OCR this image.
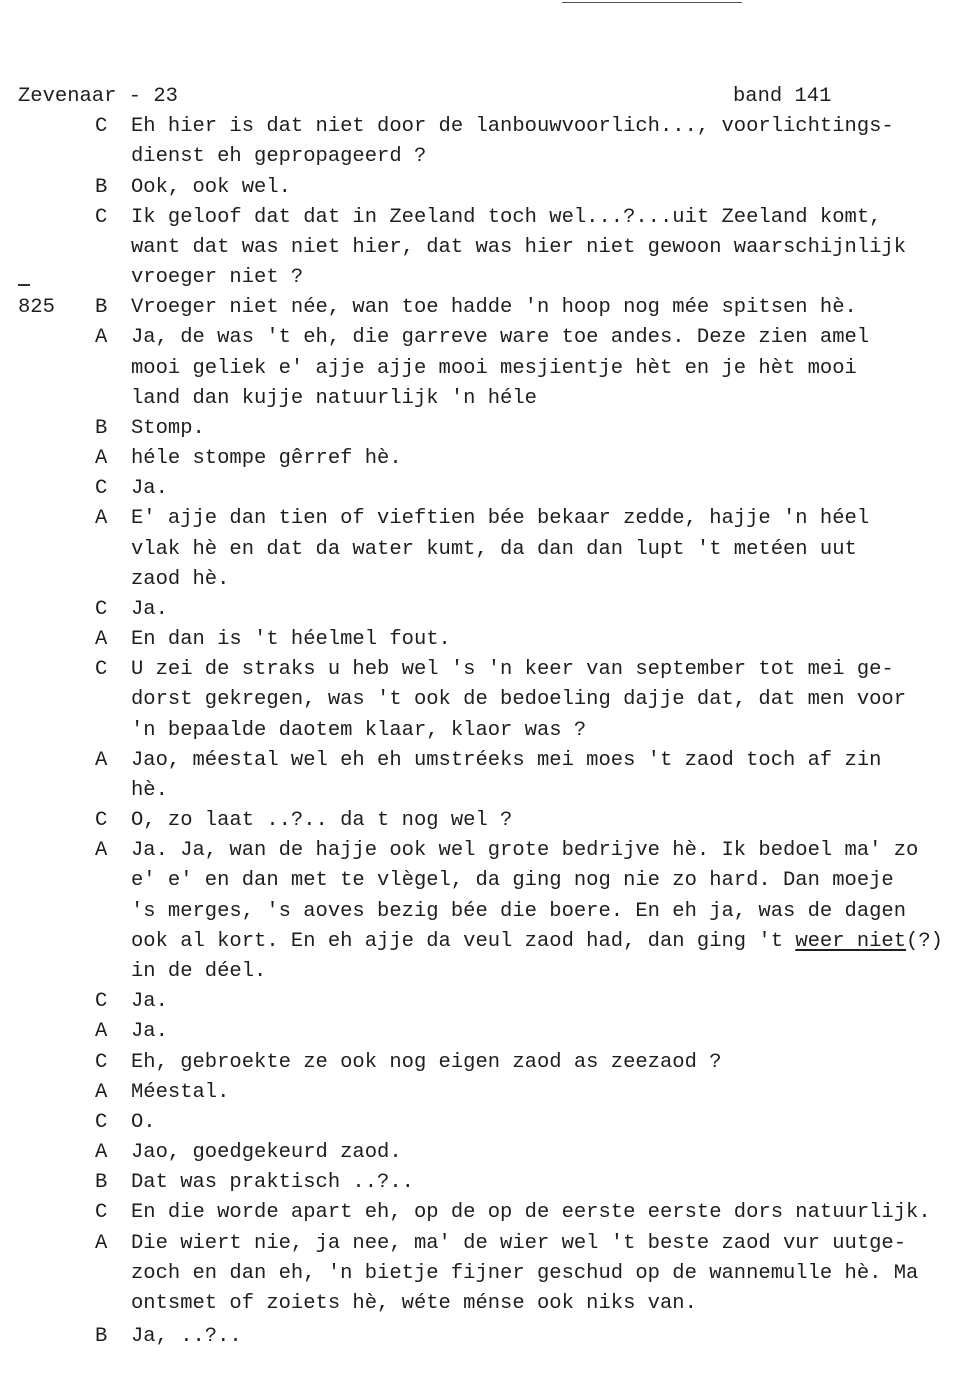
Zevenaar - 23

	band 141

C Eh hier is dat niet door de lanbouwvoorlich..., voorlichtings-
dienst eh gepropageerd ?
B Ook, ook wel.
C Ik geloof dat dat in Zeeland toch wel...?...uit Zeeland komt,
want dat was niet hier, dat was hier niet gewoon waarschijnlijk
vroeger niet ?
825 B Vroeger niet née, wan toe hadde 'n hoop nog mée spitsen hè.
A Ja, de was 't eh, die garreve ware toe andes. Deze zien amel
mooi geliek e' ajje ajje mooi mesjientje hèt en je hèt mooi
land dan kujje natuurlijk 'n héle
B Stomp.
A héle stompe gêrref hè.
C Ja.
A E' ajje dan tien of vieftien bée bekaar zedde, hajje 'n héel
vlak hè en dat da water kumt, da dan dan lupt 't metéen uut
zaod hè.
C Ja.
A En dan is 't héelmel fout.
C U zei de straks u heb wel 's 'n keer van september tot mei ge-
dorst gekregen, was 't ook de bedoeling dajje dat, dat men voor
'n bepaalde daotem klaar, klaor was ?
A Jao, méestal wel eh eh umstréeks mei moes 't zaod toch af zin
hè.
C O, zo laat ..?.. da t nog wel ?
A Ja. Ja, wan de hajje ook wel grote bedrijve hè. Ik bedoel ma' zo
e' e' en dan met te vlègel, da ging nog nie zo hard. Dan moeje
's merges, 's aoves bezig bée die boere. En eh ja, was de dagen
ook al kort. En eh ajje da veul zaod had, dan ging 't weer niet(?)
in de déel.
C Ja.
A Ja.
C Eh, gebroekte ze ook nog eigen zaod as zeezaod ?
A Méestal.
C O.
A Jao, goedgekeurd zaod.
B Dat was praktisch ..?..
C En die worde apart eh, op de op de eerste eerste dors natuurlijk.
A Die wiert nie, ja nee, ma' de wier wel 't beste zaod vur uutge-
zoch en dan eh, 'n bietje fijner geschud op de wannemulle hè. Ma
ontsmet of zoiets hè, wéte ménse ook niks van.
B Ja, ..?..
